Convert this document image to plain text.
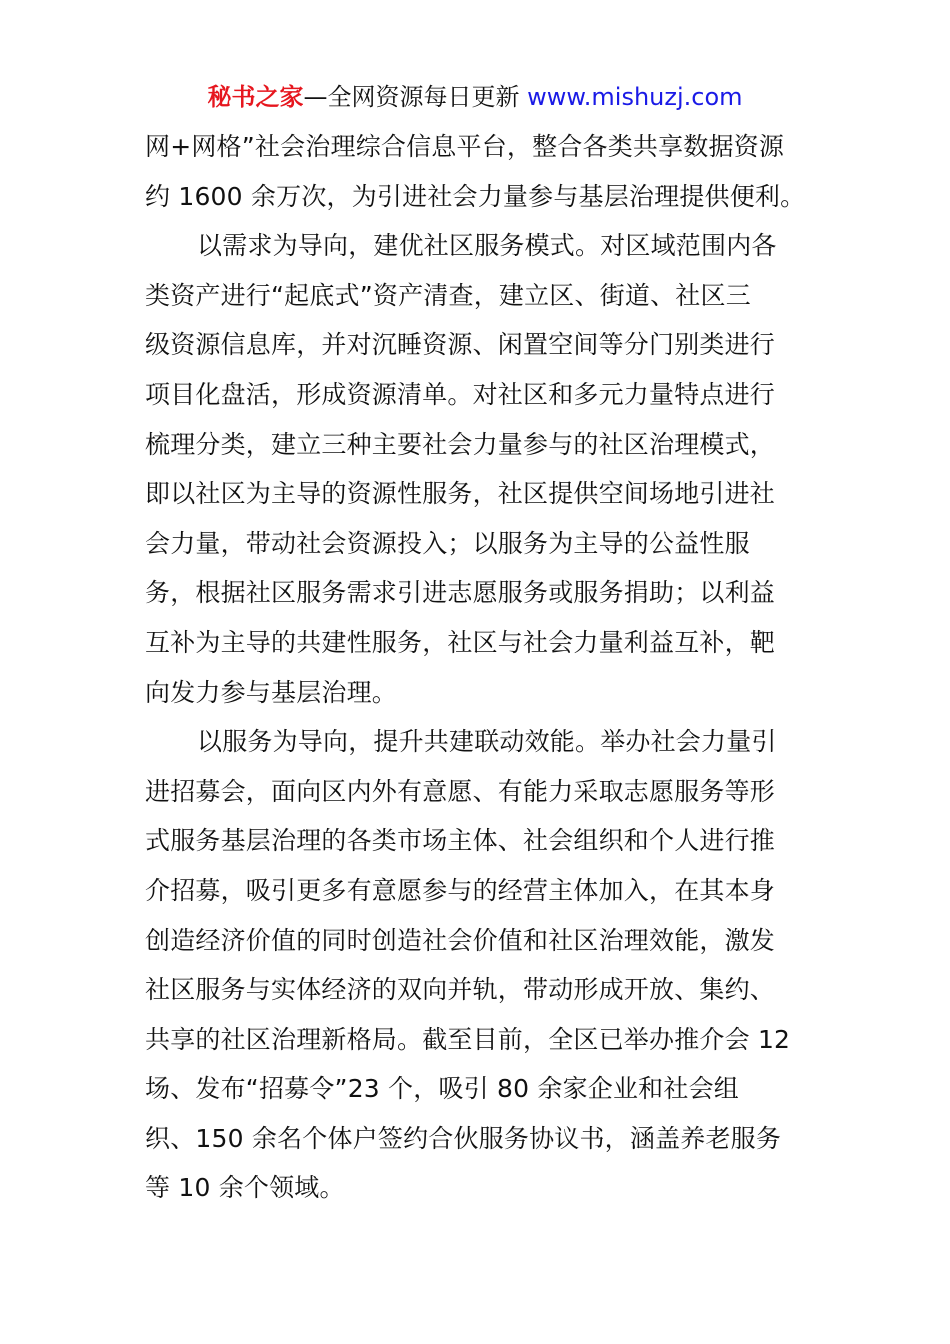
秘书之家—全网资源每日更新 www.mishuzj.com
网+网格”社会治理综合信息平台，整合各类共享数据资源
约 1600 余万次，为引进社会力量参与基层治理提供便利。
以需求为导向，建优社区服务模式。对区域范围内各
类资产进行“起底式”资产清查，建立区、街道、社区三
级资源信息库，并对沉睡资源、闲置空间等分门别类进行
项目化盘活，形成资源清单。对社区和多元力量特点进行
梳理分类，建立三种主要社会力量参与的社区治理模式，
即以社区为主导的资源性服务，社区提供空间场地引进社
会力量，带动社会资源投入；以服务为主导的公益性服
务，根据社区服务需求引进志愿服务或服务捐助；以利益
互补为主导的共建性服务，社区与社会力量利益互补，靶
向发力参与基层治理。
以服务为导向，提升共建联动效能。举办社会力量引
进招募会，面向区内外有意愿、有能力采取志愿服务等形
式服务基层治理的各类市场主体、社会组织和个人进行推
介招募，吸引更多有意愿参与的经营主体加入，在其本身
创造经济价值的同时创造社会价值和社区治理效能，激发
社区服务与实体经济的双向并轨，带动形成开放、集约、
共享的社区治理新格局。截至目前，全区已举办推介会 12
场、发布“招募令”23 个，吸引 80 余家企业和社会组
织、150 余名个体户签约合伙服务协议书，涵盖养老服务
等 10 余个领域。
